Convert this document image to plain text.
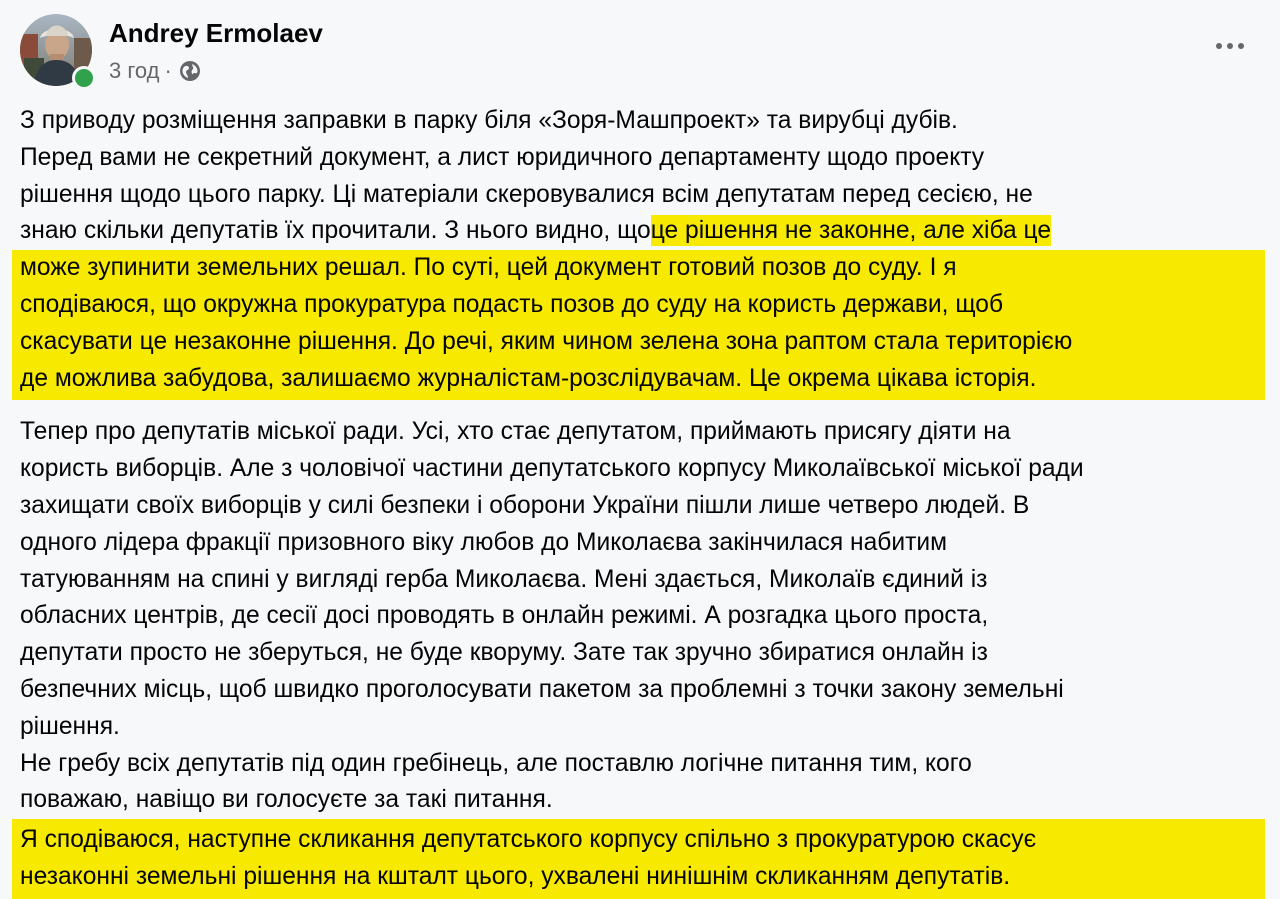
Andrey Ermolaev
3 год ·
З приводу розміщення заправки в парку біля «Зоря-Машпроект» та вирубці дубів.
Перед вами не секретний документ, а лист юридичного департаменту щодо проекту
рішення щодо цього парку. Ці матеріали скеровувалися всім депутатам перед сесією, не
знаю скільки депутатів їх прочитали. З нього видно, щоце рішення не законне, але хіба це
може зупинити земельних решал. По суті, цей документ готовий позов до суду. І я
сподіваюся, що окружна прокуратура подасть позов до суду на користь держави, щоб
скасувати це незаконне рішення. До речі, яким чином зелена зона раптом стала територією
де можлива забудова, залишаємо журналістам-розслідувачам. Це окрема цікава історія.
Тепер про депутатів міської ради. Усі, хто стає депутатом, приймають присягу діяти на
користь виборців. Але з чоловічої частини депутатського корпусу Миколаївської міської ради
захищати своїх виборців у силі безпеки і оборони України пішли лише четверо людей. В
одного лідера фракції призовного віку любов до Миколаєва закінчилася набитим
татуюванням на спині у вигляді герба Миколаєва. Мені здається, Миколаїв єдиний із
обласних центрів, де сесії досі проводять в онлайн режимі. А розгадка цього проста,
депутати просто не зберуться, не буде кворуму. Зате так зручно збиратися онлайн із
безпечних місць, щоб швидко проголосувати пакетом за проблемні з точки закону земельні
рішення.
Не гребу всіх депутатів під один гребінець, але поставлю логічне питання тим, кого
поважаю, навіщо ви голосуєте за такі питання.
Я сподіваюся, наступне скликання депутатського корпусу спільно з прокуратурою скасує
незаконні земельні рішення на кшталт цього, ухвалені нинішнім скликанням депутатів.
